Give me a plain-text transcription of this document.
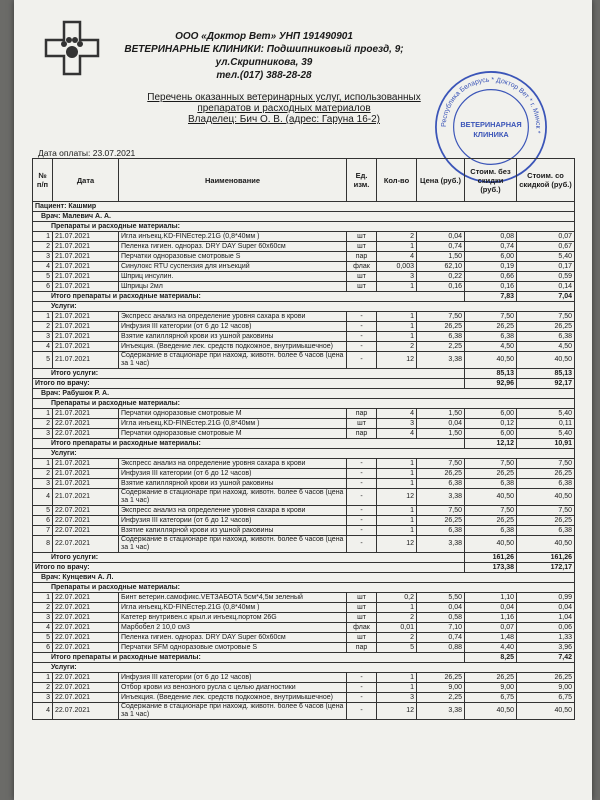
ООО «Доктор Вет» УНП 191490901
ВЕТЕРИНАРНЫЕ КЛИНИКИ: Подшипниковый проезд, 9;
ул.Скрипникова, 39
тел.(017) 388-28-28
Перечень оказанных ветеринарных услуг, использованных
препаратов и расходных материалов
Владелец: Бич О. В. (адрес: Гаруна 16-2)	Республика Беларусь * Доктор Вет * г. Минск *
ВЕТЕРИНАРНАЯ КЛИНИКА
Дата оплаты: 23.07.2021
№ п/п	Дата	Наименование	Ед. изм.	Кол-во	Цена (руб.)	Стоим. без скидки (руб.)	Стоим. со скидкой (руб.)
Пациент: Кашмир							
Врач: Малевич А. А.							
Препараты и расходные материалы:							
1	21.07.2021	Игла инъекц.KD-FINEстер.21G (0,8*40мм )	шт	2	0,04	0,08	0,07
2	21.07.2021	Пеленка гигиен. однораз. DRY DAY Super 60х60см	шт	1	0,74	0,74	0,67
3	21.07.2021	Перчатки одноразовые смотровые S	пар	4	1,50	6,00	5,40
4	21.07.2021	Синулокс RTU суспензия для инъекций	флак	0,003	62,10	0,19	0,17
5	21.07.2021	Шприц инсулин.	шт	3	0,22	0,66	0,59
6	21.07.2021	Шприцы 2мл	шт	1	0,16	0,16	0,14
Итого препараты и расходные материалы:						7,83	7,04
Услуги:							
1	21.07.2021	Экспресс анализ на определение уровня сахара в крови	-	1	7,50	7,50	7,50
2	21.07.2021	Инфузия III категории (от 6 до 12 часов)	-	1	26,25	26,25	26,25
3	21.07.2021	Взятие капиллярной крови из ушной раковины	-	1	6,38	6,38	6,38
4	21.07.2021	Инъекция. (Введение лек. средств подкожное, внутримышечное)	-	2	2,25	4,50	4,50
5	21.07.2021	Содержание в стационаре при нахожд. животн. более 6 часов (цена за 1 час)	-	12	3,38	40,50	40,50
Итого услуги:						85,13	85,13
Итого по врачу:						92,96	92,17
Врач: Рабушок Р. А.							
Препараты и расходные материалы:							
1	21.07.2021	Перчатки одноразовые смотровые М	пар	4	1,50	6,00	5,40
2	22.07.2021	Игла инъекц.KD-FINEстер.21G (0,8*40мм )	шт	3	0,04	0,12	0,11
3	22.07.2021	Перчатки одноразовые смотровые М	пар	4	1,50	6,00	5,40
Итого препараты и расходные материалы:						12,12	10,91
Услуги:							
1	21.07.2021	Экспресс анализ на определение уровня сахара в крови	-	1	7,50	7,50	7,50
2	21.07.2021	Инфузия III категории (от 6 до 12 часов)	-	1	26,25	26,25	26,25
3	21.07.2021	Взятие капиллярной крови из ушной раковины	-	1	6,38	6,38	6,38
4	21.07.2021	Содержание в стационаре при нахожд. животн. более 6 часов (цена за 1 час)	-	12	3,38	40,50	40,50
5	22.07.2021	Экспресс анализ на определение уровня сахара в крови	-	1	7,50	7,50	7,50
6	22.07.2021	Инфузия III категории (от 6 до 12 часов)	-	1	26,25	26,25	26,25
7	22.07.2021	Взятие капиллярной крови из ушной раковины	-	1	6,38	6,38	6,38
8	22.07.2021	Содержание в стационаре при нахожд. животн. более 6 часов (цена за 1 час)	-	12	3,38	40,50	40,50
Итого услуги:						161,26	161,26
Итого по врачу:						173,38	172,17
Врач: Кунцевич А. Л.							
Препараты и расходные материалы:							
1	22.07.2021	Бинт ветерин.самофикс.VETЗАБОТА 5см*4,5м зеленый	шт	0,2	5,50	1,10	0,99
2	22.07.2021	Игла инъекц.KD-FINEстер.21G (0,8*40мм )	шт	1	0,04	0,04	0,04
3	22.07.2021	Катетер внутривен.с крыл.и инъекц.портом 26G	шт	2	0,58	1,16	1,04
4	22.07.2021	Марбобел 2 10,0 см3	флак	0,01	7,10	0,07	0,06
5	22.07.2021	Пеленка гигиен. однораз. DRY DAY Super 60х60см	шт	2	0,74	1,48	1,33
6	22.07.2021	Перчатки SFM одноразовые смотровые S	пар	5	0,88	4,40	3,96
Итого препараты и расходные материалы:						8,25	7,42
Услуги:							
1	22.07.2021	Инфузия III категории (от 6 до 12 часов)	-	1	26,25	26,25	26,25
2	22.07.2021	Отбор крови из венозного русла с целью диагностики	-	1	9,00	9,00	9,00
3	22.07.2021	Инъекция. (Введение лек. средств подкожное, внутримышечное)	-	3	2,25	6,75	6,75
4	22.07.2021	Содержание в стационаре при нахожд. животн. более 6 часов (цена за 1 час)	-	12	3,38	40,50	40,50
